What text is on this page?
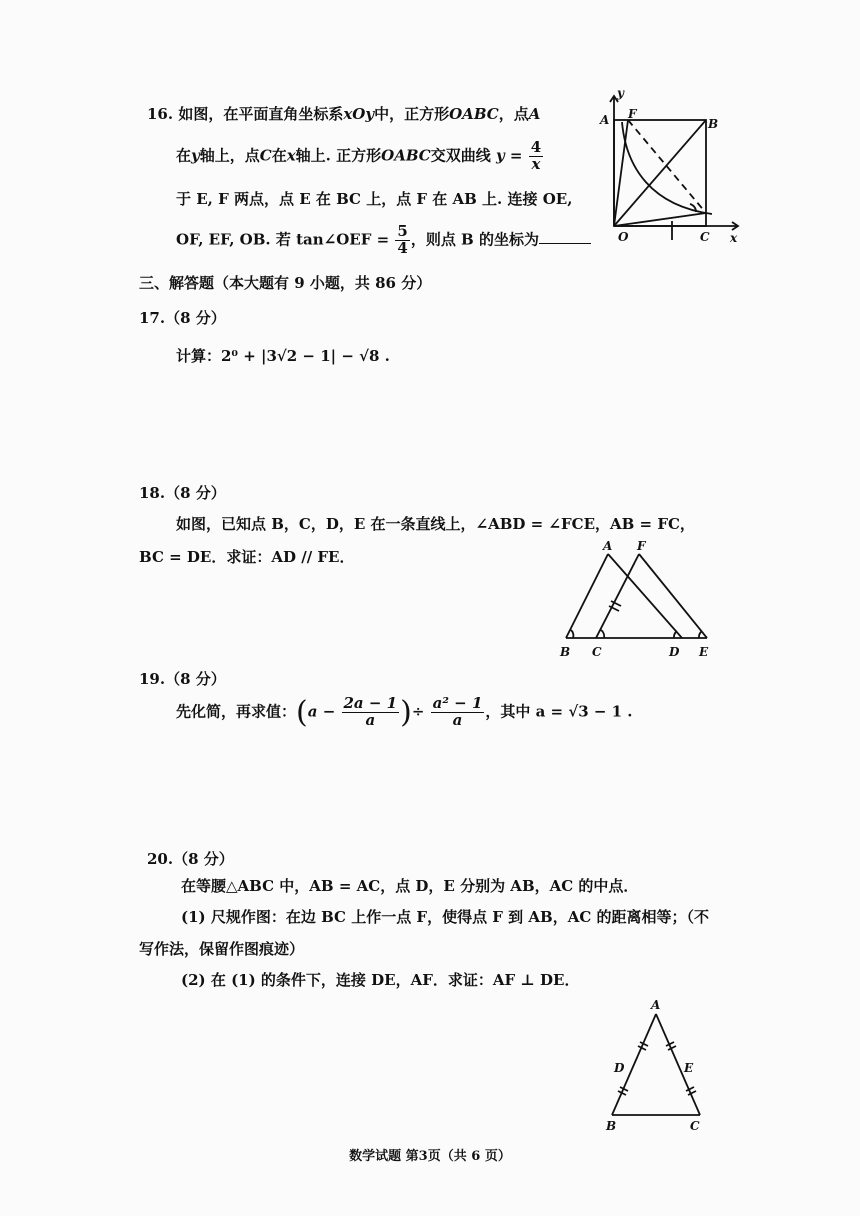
16. 如图，在平面直角坐标系xOy中，正方形OABC，点A
在y轴上，点C在x轴上. 正方形OABC交双曲线 $y = \frac{4}{x}$
于 E, F 两点，点 E 在 BC 上，点 F 在 AB 上. 连接 OE,
OF, EF, OB. 若 tan∠OEF = $\frac{5}{4}$ ，则点 B 的坐标为
y
x
A F
B
O	C
三、解答题（本大题有 9 小题，共 86 分）
17.（8 分）
计算：2⁰ + |3√2 − 1| − √8 .
18.（8 分）
如图，已知点 B，C，D，E 在一条直线上，∠ABD = ∠FCE，AB = FC，
BC = DE．求证：AD // FE．
A F
B C	D E
19.（8 分）
先化简，再求值：($a - \frac{2a - 1}{a}$ )÷ $\frac{\text{a² − 1}}{a}$ ，其中 a = √3 − 1 .
20.（8 分）
在等腰△ABC 中，AB = AC，点 D，E 分别为 AB，AC 的中点．
(1) 尺规作图：在边 BC 上作一点 F，使得点 F 到 AB，AC 的距离相等；（不
写作法，保留作图痕迹）
(2) 在 (1) 的条件下，连接 DE，AF．求证：AF ⊥ DE．
A
D	E
B	C
数学试题 第3页（共 6 页）
